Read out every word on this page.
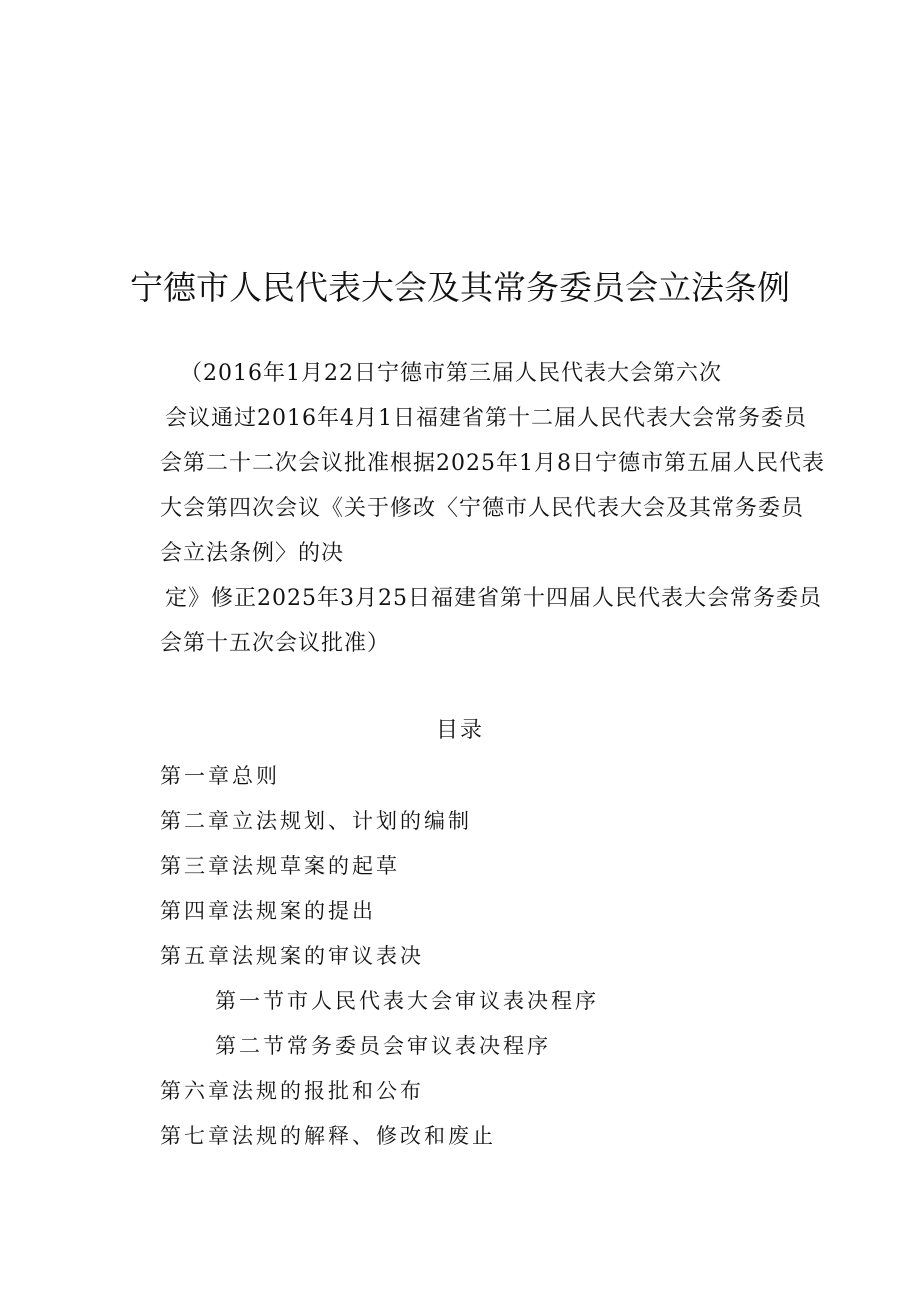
宁德市人民代表大会及其常务委员会立法条例
（2016年1月22日宁德市第三届人民代表大会第六次
会议通过2016年4月1日福建省第十二届人民代表大会常务委员
会第二十二次会议批准根据2025年1月8日宁德市第五届人民代表
大会第四次会议《关于修改〈宁德市人民代表大会及其常务委员
会立法条例〉的决
定》修正2025年3月25日福建省第十四届人民代表大会常务委员
会第十五次会议批准）
目录
第一章总则
第二章立法规划、计划的编制
第三章法规草案的起草
第四章法规案的提出
第五章法规案的审议表决
第一节市人民代表大会审议表决程序
第二节常务委员会审议表决程序
第六章法规的报批和公布
第七章法规的解释、修改和废止
